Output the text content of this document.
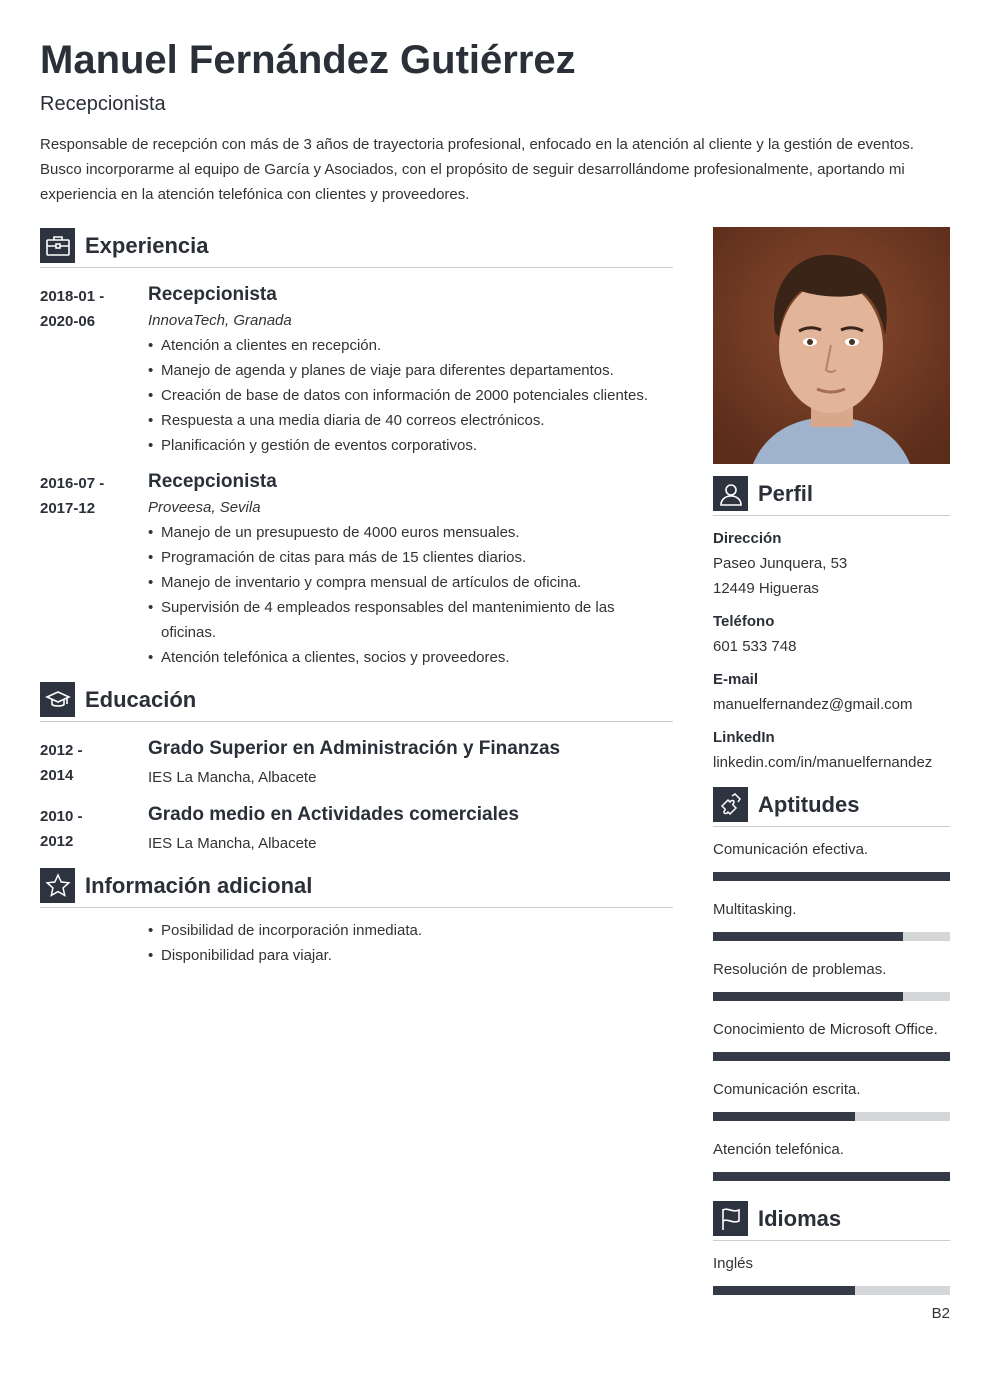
Manuel Fernández Gutiérrez
Recepcionista
Responsable de recepción con más de 3 años de trayectoria profesional, enfocado en la atención al cliente y la gestión de eventos. Busco incorporarme al equipo de García y Asociados, con el propósito de seguir desarrollándome profesionalmente, aportando mi experiencia en la atención telefónica con clientes y proveedores.
Experiencia
2018-01 -
2020-06
Recepcionista
InnovaTech, Granada
• Atención a clientes en recepción.
• Manejo de agenda y planes de viaje para diferentes departamentos.
• Creación de base de datos con información de 2000 potenciales clientes.
• Respuesta a una media diaria de 40 correos electrónicos.
• Planificación y gestión de eventos corporativos.
2016-07 -
2017-12
Recepcionista
Proveesa, Sevila
• Manejo de un presupuesto de 4000 euros mensuales.
• Programación de citas para más de 15 clientes diarios.
• Manejo de inventario y compra mensual de artículos de oficina.
• Supervisión de 4 empleados responsables del mantenimiento de las oficinas.
• Atención telefónica a clientes, socios y proveedores.
Educación
2012 -
2014
Grado Superior en Administración y Finanzas
IES La Mancha, Albacete
2010 -
2012
Grado medio en Actividades comerciales
IES La Mancha, Albacete
Información adicional
• Posibilidad de incorporación inmediata.
• Disponibilidad para viajar.
Perfil
Dirección
Paseo Junquera, 53
12449 Higueras
Teléfono
601 533 748
E-mail
manuelfernandez@gmail.com
LinkedIn
linkedin.com/in/manuelfernandez
Aptitudes
Comunicación efectiva.
Multitasking.
Resolución de problemas.
Conocimiento de Microsoft Office.
Comunicación escrita.
Atención telefónica.
Idiomas
Inglés
B2
